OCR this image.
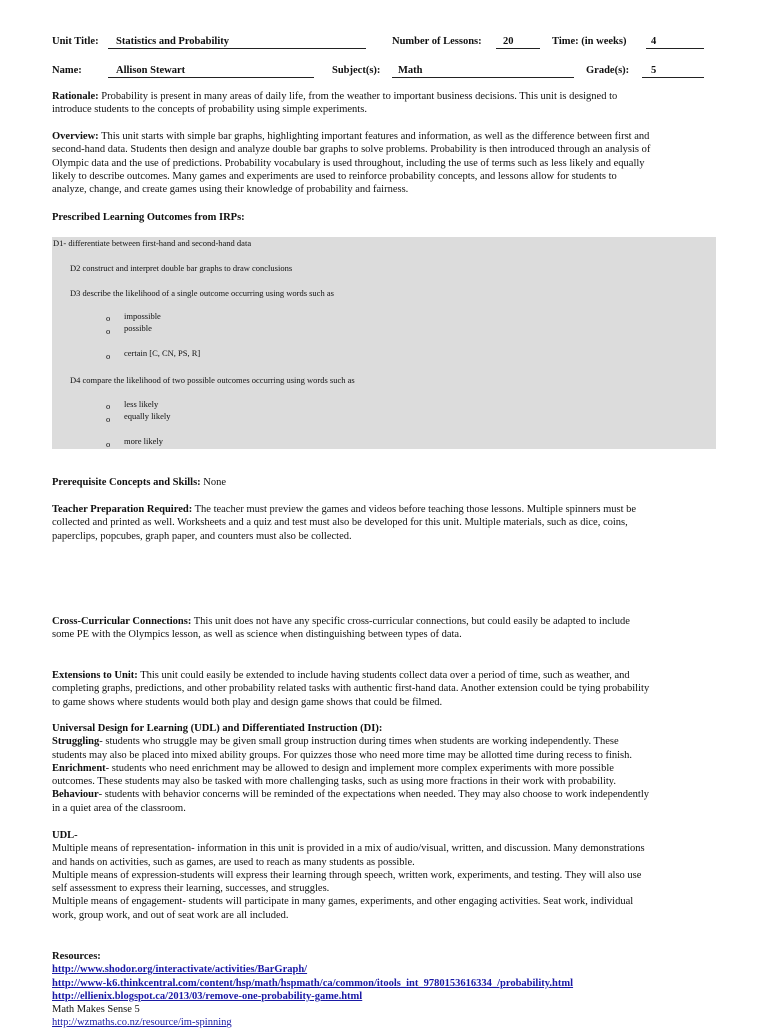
Unit Title: Statistics and Probability	Number of Lessons: 20	Time: (in weeks) 4
Name:	Allison Stewart	Subject(s): Math	Grade(s): 5
Rationale: Probability is present in many areas of daily life, from the weather to important business decisions. This unit is designed to
introduce students to the concepts of probability using simple experiments.
Overview: This unit starts with simple bar graphs, highlighting important features and information, as well as the difference between first and
second-hand data. Students then design and analyze double bar graphs to solve problems. Probability is then introduced through an analysis of
Olympic data and the use of predictions. Probability vocabulary is used throughout, including the use of terms such as less likely and equally
likely to describe outcomes. Many games and experiments are used to reinforce probability concepts, and lessons allow for students to
analyze, change, and create games using their knowledge of probability and fairness.
Prescribed Learning Outcomes from IRPs:
D1- differentiate between first-hand and second-hand data
D2 construct and interpret double bar graphs to draw conclusions
D3 describe the likelihood of a single outcome occurring using words such as
o impossible
o possible
o certain [C, CN, PS, R]
D4 compare the likelihood of two possible outcomes occurring using words such as
o less likely
o equally likely
o more likely
Prerequisite Concepts and Skills: None
Teacher Preparation Required: The teacher must preview the games and videos before teaching those lessons. Multiple spinners must be
collected and printed as well. Worksheets and a quiz and test must also be developed for this unit. Multiple materials, such as dice, coins,
paperclips, popcubes, graph paper, and counters must also be collected.
Cross-Curricular Connections: This unit does not have any specific cross-curricular connections, but could easily be adapted to include
some PE with the Olympics lesson, as well as science when distinguishing between types of data.
Extensions to Unit: This unit could easily be extended to include having students collect data over a period of time, such as weather, and
completing graphs, predictions, and other probability related tasks with authentic first-hand data. Another extension could be tying probability
to game shows where students would both play and design game shows that could be filmed.
Universal Design for Learning (UDL) and Differentiated Instruction (DI):
Struggling- students who struggle may be given small group instruction during times when students are working independently. These
students may also be placed into mixed ability groups. For quizzes those who need more time may be allotted time during recess to finish.
Enrichment- students who need enrichment may be allowed to design and implement more complex experiments with more possible
outcomes. These students may also be tasked with more challenging tasks, such as using more fractions in their work with probability.
Behaviour- students with behavior concerns will be reminded of the expectations when needed. They may also choose to work independently
in a quiet area of the classroom.
UDL-
Multiple means of representation- information in this unit is provided in a mix of audio/visual, written, and discussion. Many demonstrations
and hands on activities, such as games, are used to reach as many students as possible.
Multiple means of expression-students will express their learning through speech, written work, experiments, and testing. They will also use
self assessment to express their learning, successes, and struggles.
Multiple means of engagement- students will participate in many games, experiments, and other engaging activities. Seat work, individual
work, group work, and out of seat work are all included.
Resources:
http://www.shodor.org/interactivate/activities/BarGraph/
http://www-k6.thinkcentral.com/content/hsp/math/hspmath/ca/common/itools_int_9780153616334_/probability.html
http://ellienix.blogspot.ca/2013/03/remove-one-probability-game.html
Math Makes Sense 5
http://wzmaths.co.nz/resource/im-spinning
